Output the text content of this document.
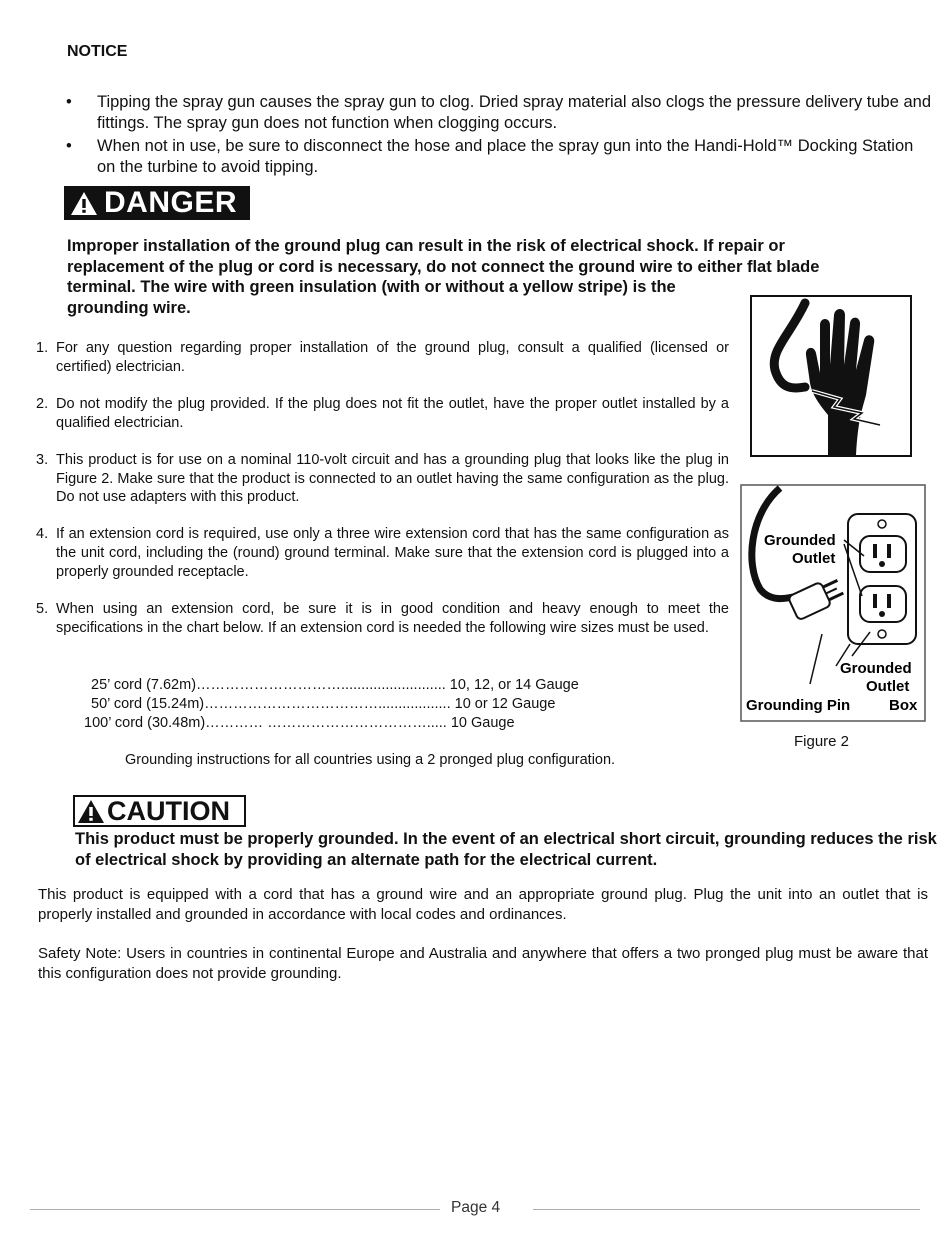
NOTICE
• Tipping the spray gun causes the spray gun to clog. Dried spray material also clogs the pressure delivery tube and fittings. The spray gun does not function when clogging occurs.
• When not in use, be sure to disconnect the hose and place the spray gun into the Handi-Hold™ Docking Station on the turbine to avoid tipping.
DANGER
Improper installation of the ground plug can result in the risk of electrical shock. If repair or
replacement of the plug or cord is necessary, do not connect the ground wire to either flat blade
terminal. The wire with green insulation (with or without a yellow stripe) is the
grounding wire.
1. For any question regarding proper installation of the ground plug, consult a qualified (licensed or certified) electrician.
2. Do not modify the plug provided. If the plug does not fit the outlet, have the proper outlet installed by a qualified electrician.
3. This product is for use on a nominal 110-volt circuit and has a grounding plug that looks like the plug in Figure 2. Make sure that the product is connected to an outlet having the same configuration as the plug. Do not use adapters with this product.
4. If an extension cord is required, use only a three wire extension cord that has the same configuration as the unit cord, including the (round) ground terminal. Make sure that the extension cord is plugged into a properly grounded receptacle.
5. When using an extension cord, be sure it is in good condition and heavy enough to meet the specifications in the chart below. If an extension cord is needed the following wire sizes must be used.
25’ cord (7.62m)………………………….......................... 10, 12, or 14 Gauge
50’ cord (15.24m)……………………………….................. 10 or 12 Gauge
100’ cord (30.48m)………… ……………………………..... 10 Gauge
Grounding instructions for all countries using a 2 pronged plug configuration.
Grounded
Outlet
Grounded
Outlet
Box
Grounding Pin
Figure 2
CAUTION
This product must be properly grounded. In the event of an electrical short circuit, grounding reduces the risk of electrical shock by providing an alternate path for the electrical current.
This product is equipped with a cord that has a ground wire and an appropriate ground plug. Plug the unit into an outlet that is properly installed and grounded in accordance with local codes and ordinances.
Safety Note: Users in countries in continental Europe and Australia and anywhere that offers a two pronged plug must be aware that this configuration does not provide grounding.
Page 4
